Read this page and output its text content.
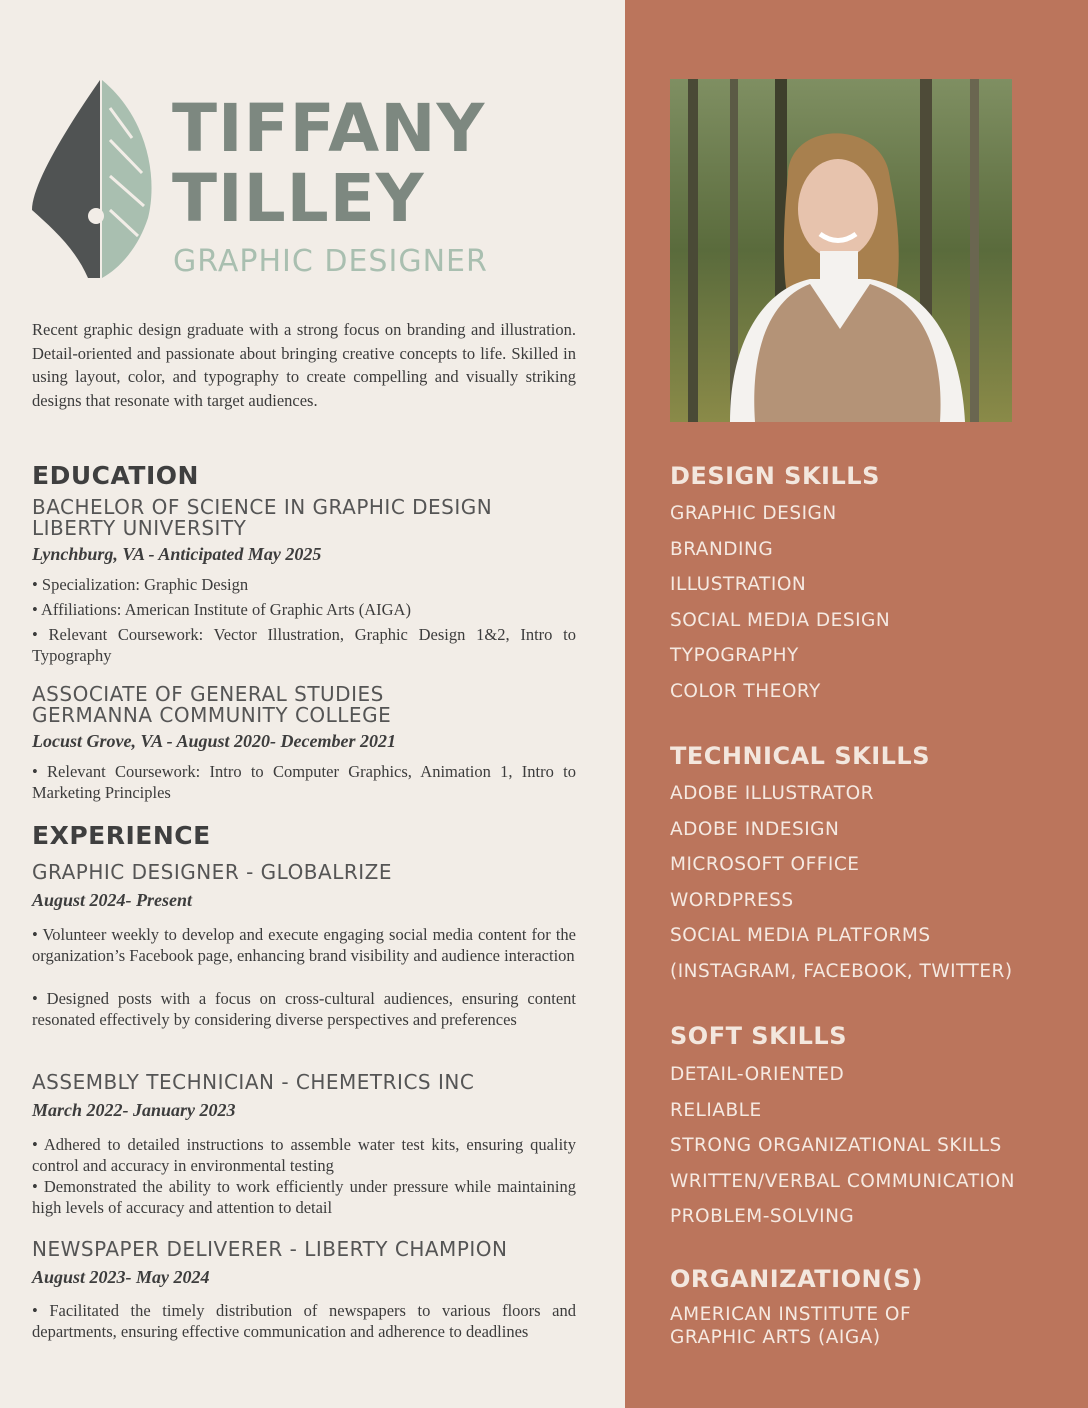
TIFFANY
TILLEY
GRAPHIC DESIGNER

Recent graphic design graduate with a strong focus on branding and illustration. Detail-oriented and passionate about bringing creative concepts to life. Skilled in using layout, color, and typography to create compelling and visually striking designs that resonate with target audiences.

EDUCATION
BACHELOR OF SCIENCE IN GRAPHIC DESIGN
LIBERTY UNIVERSITY
Lynchburg, VA - Anticipated May 2025

• Specialization: Graphic Design

• Affiliations: American Institute of Graphic Arts (AIGA)

• Relevant Coursework: Vector Illustration, Graphic Design 1&2, Intro to Typography

ASSOCIATE OF GENERAL STUDIES
GERMANNA COMMUNITY COLLEGE
Locust Grove, VA - August 2020- December 2021

• Relevant Coursework: Intro to Computer Graphics, Animation 1, Intro to Marketing Principles

EXPERIENCE
GRAPHIC DESIGNER - GLOBALRIZE
August 2024- Present

• Volunteer weekly to develop and execute engaging social media content for the organization’s Facebook page, enhancing brand visibility and audience interaction

• Designed posts with a focus on cross-cultural audiences, ensuring content resonated effectively by considering diverse perspectives and preferences

ASSEMBLY TECHNICIAN - CHEMETRICS INC
March 2022- January 2023

• Adhered to detailed instructions to assemble water test kits, ensuring quality control and accuracy in environmental testing

• Demonstrated the ability to work efficiently under pressure while maintaining high levels of accuracy and attention to detail

NEWSPAPER DELIVERER - LIBERTY CHAMPION
August 2023- May 2024

• Facilitated the timely distribution of newspapers to various floors and departments, ensuring effective communication and adherence to deadlines

DESIGN SKILLS
GRAPHIC DESIGN
BRANDING
ILLUSTRATION
SOCIAL MEDIA DESIGN
TYPOGRAPHY
COLOR THEORY
TECHNICAL SKILLS
ADOBE ILLUSTRATOR
ADOBE INDESIGN
MICROSOFT OFFICE
WORDPRESS
SOCIAL MEDIA PLATFORMS
(INSTAGRAM, FACEBOOK, TWITTER)
SOFT SKILLS
DETAIL-ORIENTED
RELIABLE
STRONG ORGANIZATIONAL SKILLS
WRITTEN/VERBAL COMMUNICATION
PROBLEM-SOLVING
ORGANIZATION(S)
AMERICAN INSTITUTE OF
GRAPHIC ARTS (AIGA)
